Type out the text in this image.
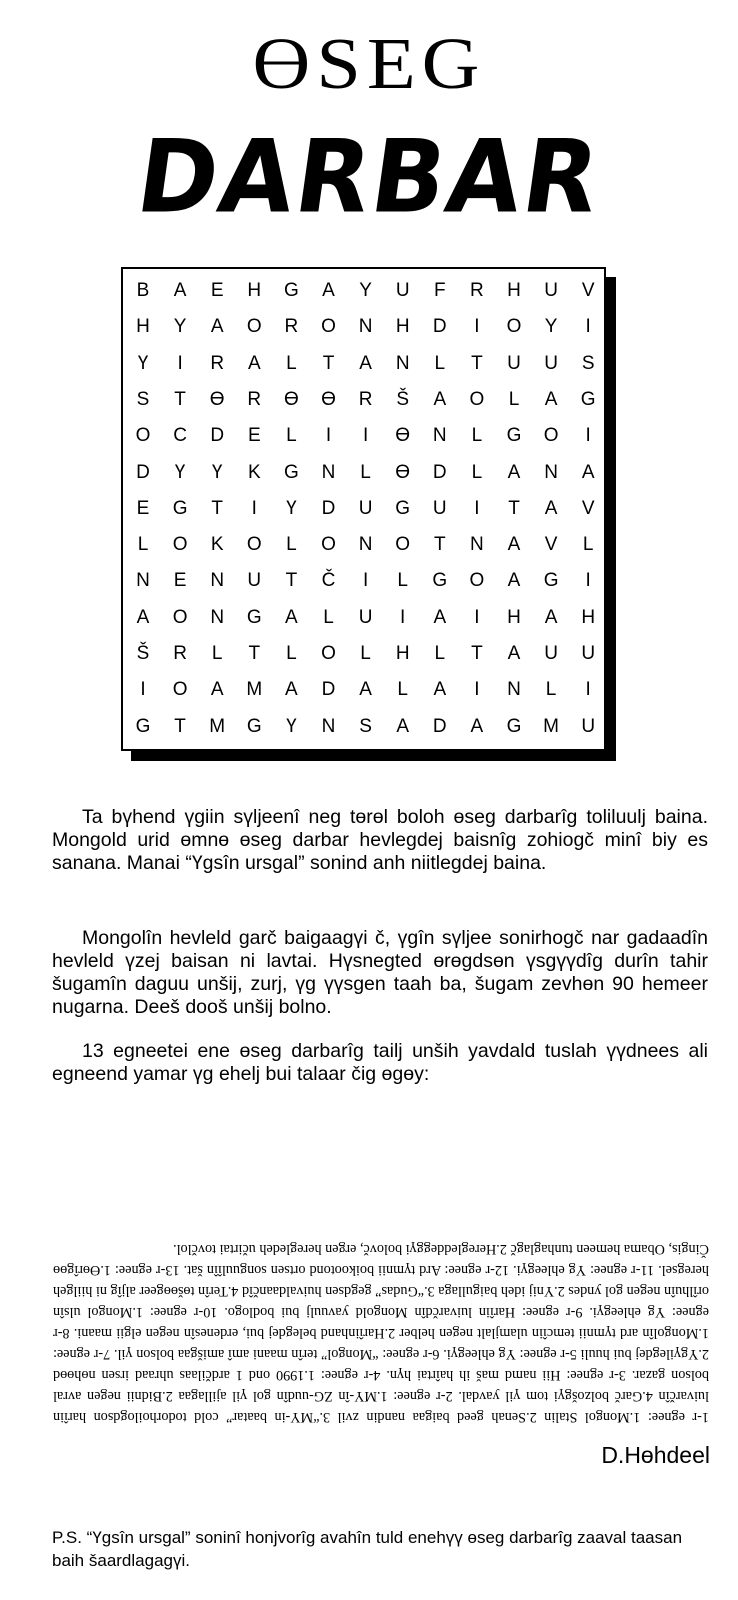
ӨSEG
DARBAR
B	A	E	H	G	A	Y	U	F	R	H	U	V
H	Y	A	O	R	O	N	H	D	I	O	Y	I
Ү	I	R	A	L	T	A	N	L	T	U	U	S
S	T	Ө	R	Ө	Ө	R	Š	A	O	L	A	G
O	C	D	E	L	I	I	Ө	N	L	G	O	I
D	Ү	Ү	K	G	N	L	Ө	D	L	A	N	A
E	G	T	I	Ү	D	U	G	U	I	T	A	V
L	O	K	O	L	O	N	O	T	N	A	V	L
N	E	N	U	T	Č	I	L	G	O	A	G	I
A	O	N	G	A	L	U	I	A	I	H	A	H
Š	R	L	T	L	O	L	H	L	T	A	U	U
I	O	A	M	A	D	A	L	A	I	N	L	I
G	T	M	G	Ү	N	S	A	D	A	G	M	U

Ta bүhend үgiin sүljeenî neg tөrөl boloh өseg darbarîg toliluulj baina. Mongold urid өmnө өseg darbar hevlegdej baisnîg zohiogč minî biy es sanana. Manai “Үgsîn ursgal” sonind anh niitlegdej baina.

Mongolîn hevleld garč baigaagүi č, үgîn sүljee sonirhogč nar gadaadîn hevleld үzej baisan ni lavtai. Hүsnegted өrөgdsөn үsgүүdîg durîn tahir šugamîn daguu unšij, zurj, үg үүsgen taah ba, šugam zevhөn 90 hemeer nugarna. Deeš dooš unšij bolno.

13 egneetei ene өseg darbarîg tailj unših yavdald tuslah үүdnees ali egneend yamar үg ehelj bui talaar čig өgөy:

1-r egnee: 1.Mongol Stalin 2.Senah geed baigaa nandin zvil 3.“MҮ-in baatar” cold todorhoilogdson harîin luivarčîn 4.Garč bolzošgүi tom үil yavdal. 2-r egnee: 1.MҮ-în ZG-uudîn gol үil ajillagaa 2.Bidnii negen avral bolson gazar. 3-r egnee: Hii namd maš ih haîrtai hүn. 4-r egnee: 1.1990 ond 1 ardčilaas uhraad irsen nөhөөd 2.Үgүilegdej bui huuli 5-r egnee: Үg ehleegүi. 6-r egnee: “Mongol” terîn maani amî amišgaa bolson үil. 7-r egnee: 1.Mongolîn ard tүmnii temcîin ulamjlalt negen helber 2.Harîinhand belegdej bui, erdenesîn negen elgii maani. 8-r egnee: Үg ehleegүi. 9-r egnee: Harîin luivarčdîn Mongold yavuulj bui bodlogo. 10-r egnee: 1.Mongol ulsîn orîlhuîn negen gol yndes 2.Үnij ideh baigullaga 3.“Gudas” gegdsen huivaldaančîd 4.Terîn tөšөөgeer aljîg ni hiilgeh heregsel. 11-r egnee: Үg ehleegүi. 12-r egnee: Ard tүmnii boikootond ortsen songuulîîn šat. 13-r egnee: 1.Өөrîgөө Čingis, Obama hemeen tunhaglagč 2.Heregleddeggүi bolovč, ergen heregledeh učirtai tovčlol.

D.Hөhdeel

P.S. “Үgsîn ursgal” soninî honjvorîg avahîn tuld enehүү өseg darbarîg zaaval taasan baih šaardlagagүi.
